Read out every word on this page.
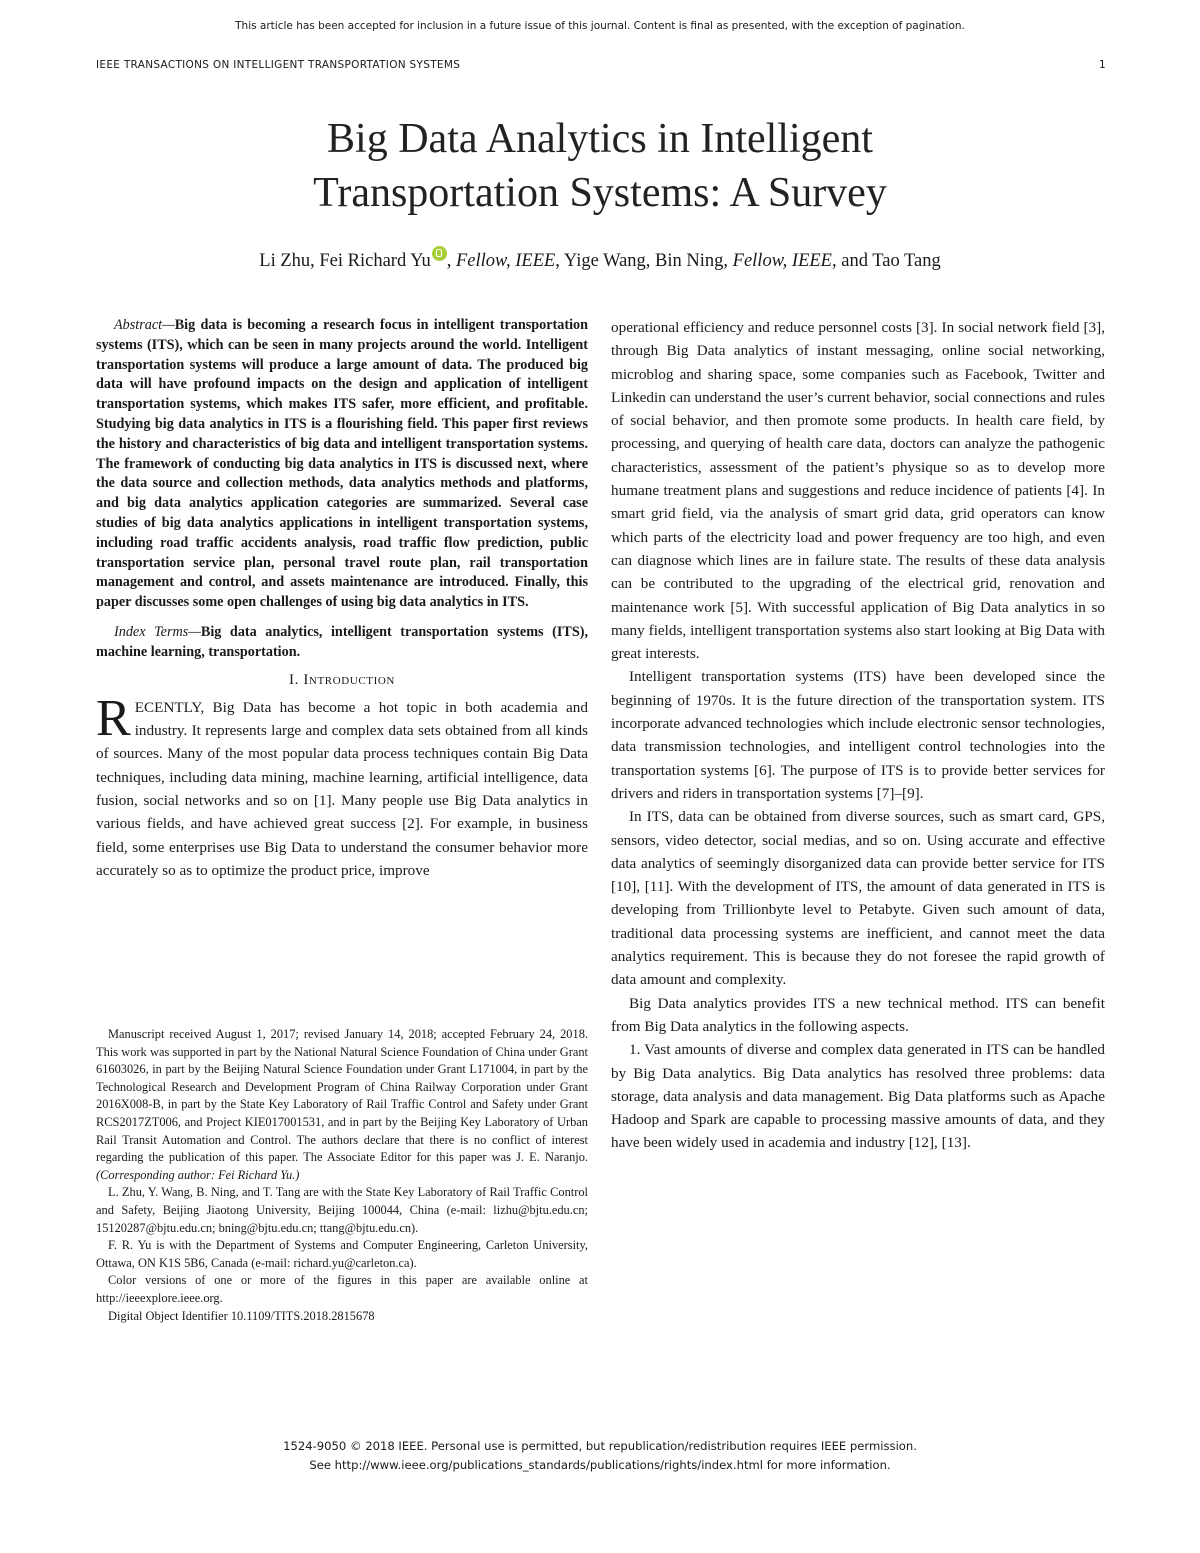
This article has been accepted for inclusion in a future issue of this journal. Content is final as presented, with the exception of pagination.
IEEE TRANSACTIONS ON INTELLIGENT TRANSPORTATION SYSTEMS	1
Big Data Analytics in Intelligent
Transportation Systems: A Survey
Li Zhu, Fei Richard Yu , Fellow, IEEE, Yige Wang, Bin Ning, Fellow, IEEE, and Tao Tang

Abstract—Big data is becoming a research focus in intelligent transportation systems (ITS), which can be seen in many projects around the world. Intelligent transportation systems will produce a large amount of data. The produced big data will have profound impacts on the design and application of intelligent transportation systems, which makes ITS safer, more efficient, and profitable. Studying big data analytics in ITS is a flourishing field. This paper first reviews the history and characteristics of big data and intelligent transportation systems. The framework of conducting big data analytics in ITS is discussed next, where the data source and collection methods, data analytics methods and platforms, and big data analytics application categories are summarized. Several case studies of big data analytics applications in intelligent transportation systems, including road traffic accidents analysis, road traffic flow prediction, public transportation service plan, personal travel route plan, rail transportation management and control, and assets maintenance are introduced. Finally, this paper discusses some open challenges of using big data analytics in ITS.

Index Terms—Big data analytics, intelligent transportation systems (ITS), machine learning, transportation.

I. Introduction

RECENTLY, Big Data has become a hot topic in both academia and industry. It represents large and complex data sets obtained from all kinds of sources. Many of the most popular data process techniques contain Big Data techniques, including data mining, machine learning, artificial intelligence, data fusion, social networks and so on [1]. Many people use Big Data analytics in various fields, and have achieved great success [2]. For example, in business field, some enterprises use Big Data to understand the consumer behavior more accurately so as to optimize the product price, improve

Manuscript received August 1, 2017; revised January 14, 2018; accepted February 24, 2018. This work was supported in part by the National Natural Science Foundation of China under Grant 61603026, in part by the Beijing Natural Science Foundation under Grant L171004, in part by the Technological Research and Development Program of China Railway Corporation under Grant 2016X008-B, in part by the State Key Laboratory of Rail Traffic Control and Safety under Grant RCS2017ZT006, and Project KIE017001531, and in part by the Beijing Key Laboratory of Urban Rail Transit Automation and Control. The authors declare that there is no conflict of interest regarding the publication of this paper. The Associate Editor for this paper was J. E. Naranjo. (Corresponding author: Fei Richard Yu.)

L. Zhu, Y. Wang, B. Ning, and T. Tang are with the State Key Laboratory of Rail Traffic Control and Safety, Beijing Jiaotong University, Beijing 100044, China (e-mail: lizhu@bjtu.edu.cn; 15120287@bjtu.edu.cn; bning@bjtu.edu.cn; ttang@bjtu.edu.cn).

F. R. Yu is with the Department of Systems and Computer Engineering, Carleton University, Ottawa, ON K1S 5B6, Canada (e-mail: richard.yu@carleton.ca).

Color versions of one or more of the figures in this paper are available online at http://ieeexplore.ieee.org.

Digital Object Identifier 10.1109/TITS.2018.2815678

operational efficiency and reduce personnel costs [3]. In social network field [3], through Big Data analytics of instant messaging, online social networking, microblog and sharing space, some companies such as Facebook, Twitter and Linkedin can understand the user’s current behavior, social connections and rules of social behavior, and then promote some products. In health care field, by processing, and querying of health care data, doctors can analyze the pathogenic characteristics, assessment of the patient’s physique so as to develop more humane treatment plans and suggestions and reduce incidence of patients [4]. In smart grid field, via the analysis of smart grid data, grid operators can know which parts of the electricity load and power frequency are too high, and even can diagnose which lines are in failure state. The results of these data analysis can be contributed to the upgrading of the electrical grid, renovation and maintenance work [5]. With successful application of Big Data analytics in so many fields, intelligent transportation systems also start looking at Big Data with great interests.

Intelligent transportation systems (ITS) have been developed since the beginning of 1970s. It is the future direction of the transportation system. ITS incorporate advanced technologies which include electronic sensor technologies, data transmission technologies, and intelligent control technologies into the transportation systems [6]. The purpose of ITS is to provide better services for drivers and riders in transportation systems [7]–[9].

In ITS, data can be obtained from diverse sources, such as smart card, GPS, sensors, video detector, social medias, and so on. Using accurate and effective data analytics of seemingly disorganized data can provide better service for ITS [10], [11]. With the development of ITS, the amount of data generated in ITS is developing from Trillionbyte level to Petabyte. Given such amount of data, traditional data processing systems are inefficient, and cannot meet the data analytics requirement. This is because they do not foresee the rapid growth of data amount and complexity.

Big Data analytics provides ITS a new technical method. ITS can benefit from Big Data analytics in the following aspects.

1. Vast amounts of diverse and complex data generated in ITS can be handled by Big Data analytics. Big Data analytics has resolved three problems: data storage, data analysis and data management. Big Data platforms such as Apache Hadoop and Spark are capable to processing massive amounts of data, and they have been widely used in academia and industry [12], [13].

1524-9050 © 2018 IEEE. Personal use is permitted, but republication/redistribution requires IEEE permission.
See http://www.ieee.org/publications_standards/publications/rights/index.html for more information.
